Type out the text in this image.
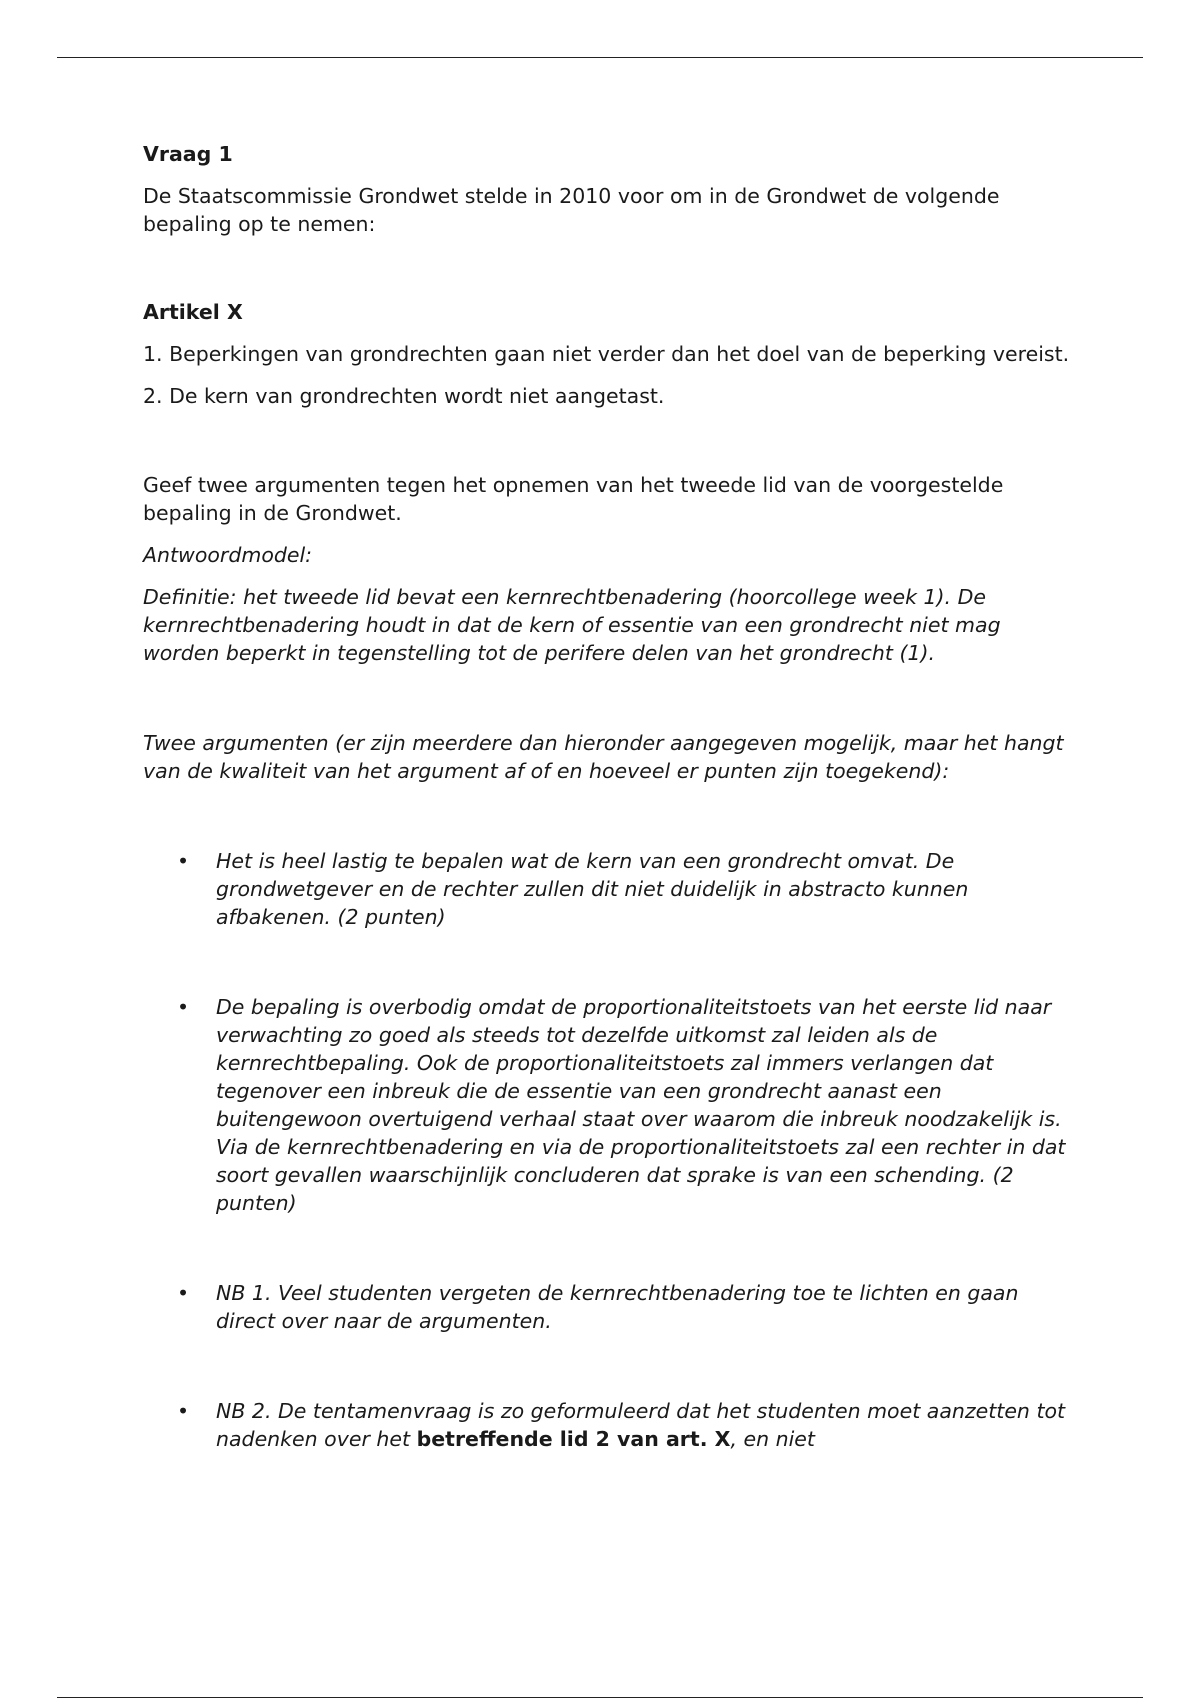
Vraag 1

De Staatscommissie Grondwet stelde in 2010 voor om in de Grondwet de volgende bepaling op te nemen:

Artikel X

1. Beperkingen van grondrechten gaan niet verder dan het doel van de beperking vereist.

2. De kern van grondrechten wordt niet aangetast.

Geef twee argumenten tegen het opnemen van het tweede lid van de voorgestelde bepaling in de Grondwet.

Antwoordmodel:

Definitie: het tweede lid bevat een kernrechtbenadering (hoorcollege week 1). De kernrechtbenadering houdt in dat de kern of essentie van een grondrecht niet mag worden beperkt in tegenstelling tot de perifere delen van het grondrecht (1).

Twee argumenten (er zijn meerdere dan hieronder aangegeven mogelijk, maar het hangt van de kwaliteit van het argument af of en hoeveel er punten zijn toegekend):

• Het is heel lastig te bepalen wat de kern van een grondrecht omvat. De grondwetgever en de rechter zullen dit niet duidelijk in abstracto kunnen afbakenen. (2 punten)
• De bepaling is overbodig omdat de proportionaliteitstoets van het eerste lid naar verwachting zo goed als steeds tot dezelfde uitkomst zal leiden als de kernrechtbepaling. Ook de proportionaliteitstoets zal immers verlangen dat tegenover een inbreuk die de essentie van een grondrecht aanast een buitengewoon overtuigend verhaal staat over waarom die inbreuk noodzakelijk is. Via de kernrechtbenadering en via de proportionaliteitstoets zal een rechter in dat soort gevallen waarschijnlijk concluderen dat sprake is van een schending. (2 punten)
• NB 1. Veel studenten vergeten de kernrechtbenadering toe te lichten en gaan direct over naar de argumenten.
• NB 2. De tentamenvraag is zo geformuleerd dat het studenten moet aanzetten tot nadenken over het betreffende lid 2 van art. X, en niet
